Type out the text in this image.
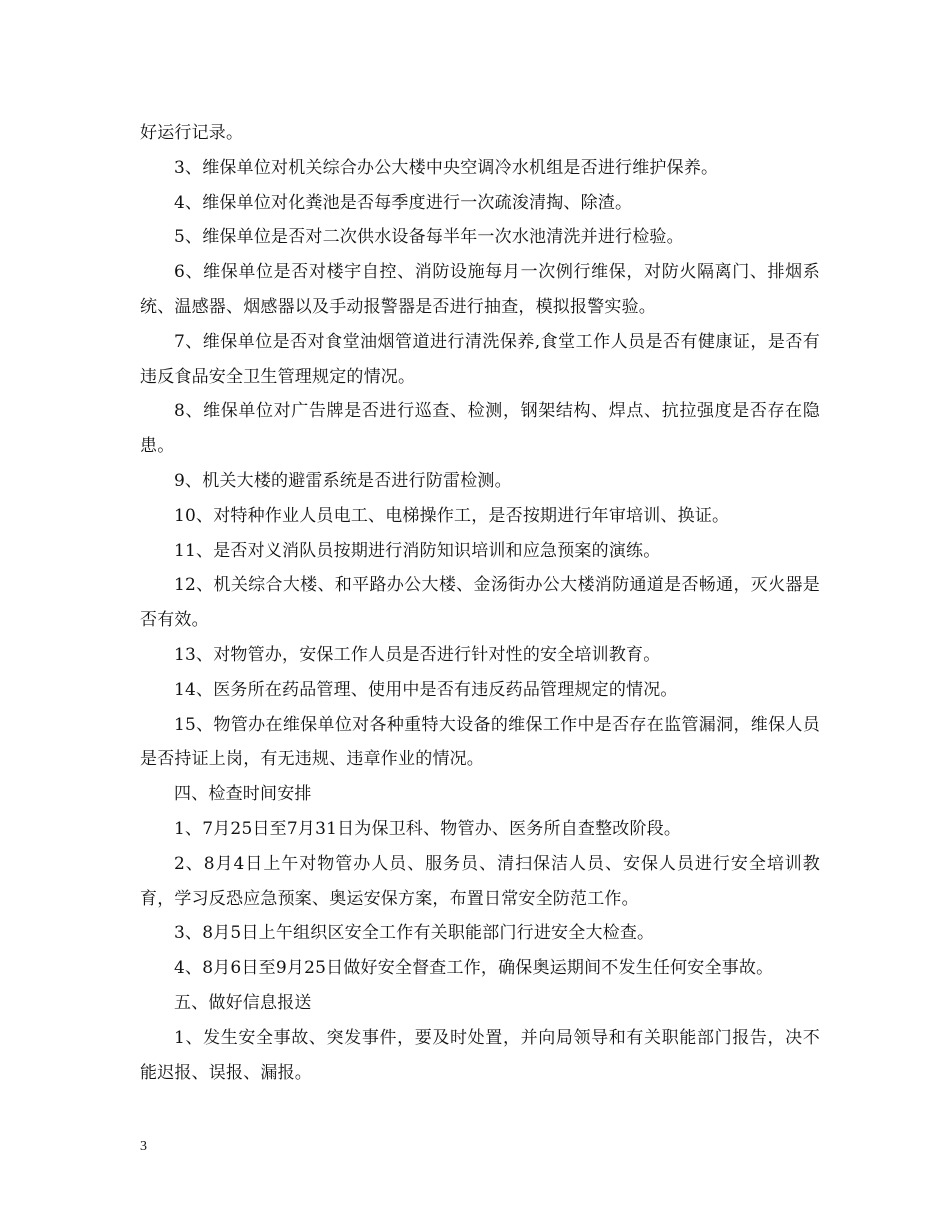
好运行记录。

3、维保单位对机关综合办公大楼中央空调冷水机组是否进行维护保养。

4、维保单位对化粪池是否每季度进行一次疏浚清掏、除渣。

5、维保单位是否对二次供水设备每半年一次水池清洗并进行检验。

6、维保单位是否对楼宇自控、消防设施每月一次例行维保，对防火隔离门、排烟系统、温感器、烟感器以及手动报警器是否进行抽查，模拟报警实验。

7、维保单位是否对食堂油烟管道进行清洗保养,食堂工作人员是否有健康证，是否有违反食品安全卫生管理规定的情况。

8、维保单位对广告牌是否进行巡查、检测，钢架结构、焊点、抗拉强度是否存在隐患。

9、机关大楼的避雷系统是否进行防雷检测。

10、对特种作业人员电工、电梯操作工，是否按期进行年审培训、换证。

11、是否对义消队员按期进行消防知识培训和应急预案的演练。

12、机关综合大楼、和平路办公大楼、金汤街办公大楼消防通道是否畅通，灭火器是否有效。

13、对物管办，安保工作人员是否进行针对性的安全培训教育。

14、医务所在药品管理、使用中是否有违反药品管理规定的情况。

15、物管办在维保单位对各种重特大设备的维保工作中是否存在监管漏洞，维保人员是否持证上岗，有无违规、违章作业的情况。

四、检查时间安排

1、7月25日至7月31日为保卫科、物管办、医务所自查整改阶段。

2、8月4日上午对物管办人员、服务员、清扫保洁人员、安保人员进行安全培训教育，学习反恐应急预案、奥运安保方案，布置日常安全防范工作。

3、8月5日上午组织区安全工作有关职能部门行进安全大检查。

4、8月6日至9月25日做好安全督查工作，确保奥运期间不发生任何安全事故。

五、做好信息报送

1、发生安全事故、突发事件，要及时处置，并向局领导和有关职能部门报告，决不能迟报、误报、漏报。

3
